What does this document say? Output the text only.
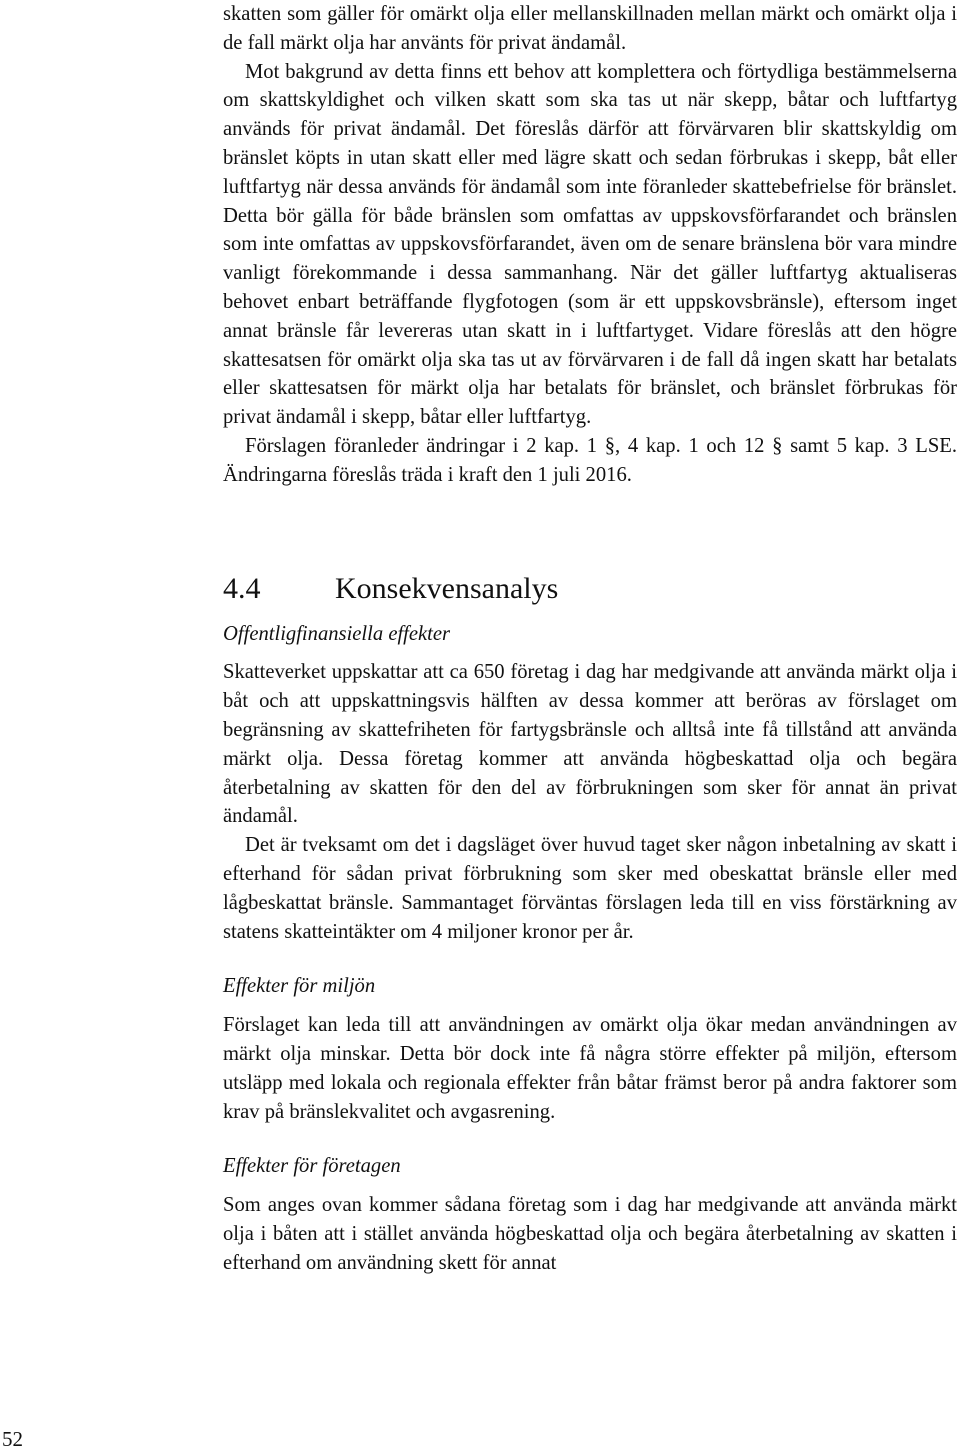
skatten som gäller för omärkt olja eller mellanskillnaden mellan märkt och omärkt olja i de fall märkt olja har använts för privat ändamål.

Mot bakgrund av detta finns ett behov att komplettera och förtydliga bestämmelserna om skattskyldighet och vilken skatt som ska tas ut när skepp, båtar och luftfartyg används för privat ändamål. Det föreslås därför att förvärvaren blir skattskyldig om bränslet köpts in utan skatt eller med lägre skatt och sedan förbrukas i skepp, båt eller luftfartyg när dessa används för ändamål som inte föranleder skattebefrielse för bränslet. Detta bör gälla för både bränslen som omfattas av uppskovsförfarandet och bränslen som inte omfattas av uppskovsförfarandet, även om de senare bränslena bör vara mindre vanligt förekommande i dessa sammanhang. När det gäller luftfartyg aktualiseras behovet enbart beträffande flygfotogen (som är ett uppskovsbränsle), eftersom inget annat bränsle får levereras utan skatt in i luftfartyget. Vidare föreslås att den högre skattesatsen för omärkt olja ska tas ut av förvärvaren i de fall då ingen skatt har betalats eller skattesatsen för märkt olja har betalats för bränslet, och bränslet förbrukas för privat ändamål i skepp, båtar eller luftfartyg.

Förslagen föranleder ändringar i 2 kap. 1 §, 4 kap. 1 och 12 § samt 5 kap. 3 LSE. Ändringarna föreslås träda i kraft den 1 juli 2016.

4.4	Konsekvensanalys

Offentligfinansiella effekter

Skatteverket uppskattar att ca 650 företag i dag har medgivande att använda märkt olja i båt och att uppskattningsvis hälften av dessa kommer att beröras av förslaget om begränsning av skattefriheten för fartygsbränsle och alltså inte få tillstånd att använda märkt olja. Dessa företag kommer att använda högbeskattad olja och begära återbetalning av skatten för den del av förbrukningen som sker för annat än privat ändamål.

Det är tveksamt om det i dagsläget över huvud taget sker någon inbetalning av skatt i efterhand för sådan privat förbrukning som sker med obeskattat bränsle eller med lågbeskattat bränsle. Sammantaget förväntas förslagen leda till en viss förstärkning av statens skatteintäkter om 4 miljoner kronor per år.

Effekter för miljön

Förslaget kan leda till att användningen av omärkt olja ökar medan användningen av märkt olja minskar. Detta bör dock inte få några större effekter på miljön, eftersom utsläpp med lokala och regionala effekter från båtar främst beror på andra faktorer som krav på bränslekvalitet och avgasrening.

Effekter för företagen

Som anges ovan kommer sådana företag som i dag har medgivande att använda märkt olja i båten att i stället använda högbeskattad olja och begära återbetalning av skatten i efterhand om användning skett för annat

52
